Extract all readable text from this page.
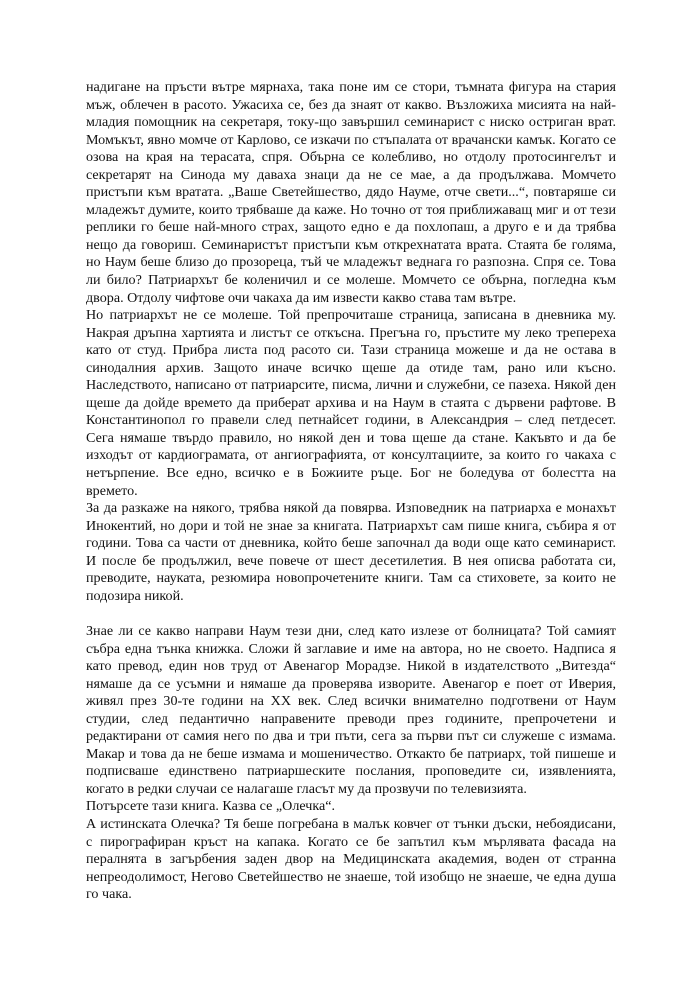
надигане на пръсти вътре мярнаха, така поне им се стори, тъмната фигура на стария мъж, облечен в расото. Ужасиха се, без да знаят от какво. Възложиха мисията на най-младия помощник на секретаря, току-що завършил семинарист с ниско остриган врат. Момъкът, явно момче от Карлово, се изкачи по стъпалата от врачански камък. Когато се озова на края на терасата, спря. Обърна се колебливо, но отдолу протосингелът и секретарят на Синода му даваха знаци да не се мае, а да продължава. Момчето пристъпи към вратата. „Ваше Светейшество, дядо Науме, отче свети...“, повтаряше си младежът думите, които трябваше да каже. Но точно от тоя приближаващ миг и от тези реплики го беше най-много страх, защото едно е да похлопаш, а друго е и да трябва нещо да говориш. Семинаристът пристъпи към открехнатата врата. Стаята бе голяма, но Наум беше близо до прозореца, тъй че младежът веднага го разпозна. Спря се. Това ли било? Патриархът бе коленичил и се молеше. Момчето се обърна, погледна към двора. Отдолу чифтове очи чакаха да им извести какво става там вътре.

Но патриархът не се молеше. Той препрочиташе страница, записана в дневника му. Накрая дръпна хартията и листът се откъсна. Прегъна го, пръстите му леко трепереха като от студ. Прибра листа под расото си. Тази страница можеше и да не остава в синодалния архив. Защото иначе всичко щеше да отиде там, рано или късно. Наследството, написано от патриарсите, писма, лични и служебни, се пазеха. Някой ден щеше да дойде времето да приберат архива и на Наум в стаята с дървени рафтове. В Константинопол го правели след петнайсет години, в Александрия – след петдесет. Сега нямаше твърдо правило, но някой ден и това щеше да стане. Какъвто и да бе изходът от кардиограмата, от ангиографията, от консултациите, за които го чакаха с нетърпение. Все едно, всичко е в Божиите ръце. Бог не боледува от болестта на времето.

За да разкаже на някого, трябва някой да повярва. Изповедник на патриарха е монахът Инокентий, но дори и той не знае за книгата. Патриархът сам пише книга, събира я от години. Това са части от дневника, който беше започнал да води още като семинарист. И после бе продължил, вече повече от шест десетилетия. В нея описва работата си, преводите, науката, резюмира новопрочетените книги. Там са стиховете, за които не подозира никой.

Знае ли се какво направи Наум тези дни, след като излезе от болницата? Той самият събра една тънка книжка. Сложи й заглавие и име на автора, но не своето. Надписа я като превод, един нов труд от Авенагор Морадзе. Никой в издателството „Витезда“ нямаше да се усъмни и нямаше да проверява изворите. Авенагор е поет от Иверия, живял през 30-те години на XX век. След всички внимателно подготвени от Наум студии, след педантично направените преводи през годините, препрочетени и редактирани от самия него по два и три пъти, сега за първи път си служеше с измама. Макар и това да не беше измама и мошеничество. Откакто бе патриарх, той пишеше и подписваше единствено патриаршеските послания, проповедите си, изявленията, когато в редки случаи се налагаше гласът му да прозвучи по телевизията.

Потърсете тази книга. Казва се „Олечка“.

А истинската Олечка? Тя беше погребана в малък ковчег от тънки дъски, небоядисани, с пирографиран кръст на капака. Когато се бе запътил към мърлявата фасада на пералнята в загърбения заден двор на Медицинската академия, воден от странна непреодолимост, Негово Светейшество не знаеше, той изобщо не знаеше, че една душа го чака.
